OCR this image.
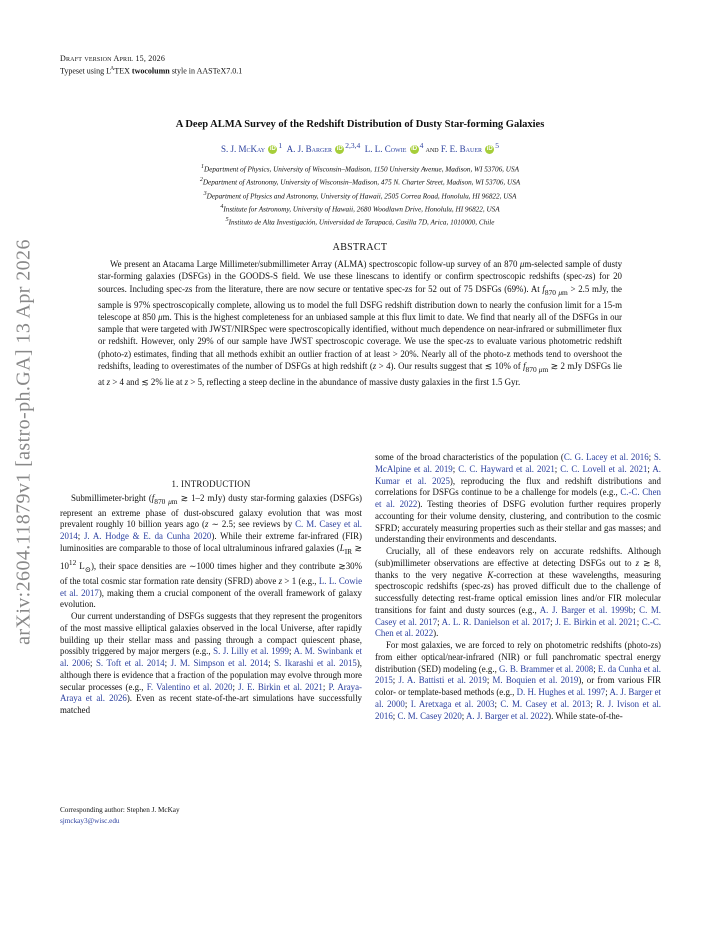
Draft version April 15, 2026
Typeset using $L^ATEX$ twocolumn style in AASTeX7.0.1
arXiv:2604.11879v1 [astro-ph.GA] 13 Apr 2026
A Deep ALMA Survey of the Redshift Distribution of Dusty Star-forming Galaxies
S. J. McKay iD $^1$ A. J. Barger iD $^{2,3,4}$ L. L. Cowie iD $^4$ and F. E. Bauer iD $^5$
$^1$Department of Physics, University of Wisconsin–Madison, 1150 University Avenue, Madison, WI 53706, USA
$^2$Department of Astronomy, University of Wisconsin–Madison, 475 N. Charter Street, Madison, WI 53706, USA
$^3$Department of Physics and Astronomy, University of Hawaii, 2505 Correa Road, Honolulu, HI 96822, USA
$^4$Institute for Astronomy, University of Hawaii, 2680 Woodlawn Drive, Honolulu, HI 96822, USA
$^5$Instituto de Alta Investigación, Universidad de Tarapacá, Casilla 7D, Arica, 1010000, Chile
ABSTRACT

We present an Atacama Large Millimeter/submillimeter Array (ALMA) spectroscopic follow-up survey of an 870 μm-selected sample of dusty star-forming galaxies (DSFGs) in the GOODS-S field. We use these linescans to identify or confirm spectroscopic redshifts (spec-zs) for 20 sources. Including spec-zs from the literature, there are now secure or tentative spec-zs for 52 out of 75 DSFGs (69%). At $f_{870 \mu m} > 2.5$ mJy, the sample is 97% spectroscopically complete, allowing us to model the full DSFG redshift distribution down to nearly the confusion limit for a 15-m telescope at 850 μm. This is the highest completeness for an unbiased sample at this flux limit to date. We find that nearly all of the DSFGs in our sample that were targeted with JWST/NIRSpec were spectroscopically identified, without much dependence on near-infrared or submillimeter flux or redshift. However, only 29% of our sample have JWST spectroscopic coverage. We use the spec-zs to evaluate various photometric redshift (photo-z) estimates, finding that all methods exhibit an outlier fraction of at least > 20%. Nearly all of the photo-z methods tend to overshoot the redshifts, leading to overestimates of the number of DSFGs at high redshift (z > 4). Our results suggest that ≲ 10% of $f_{870 \mu m}$ ≳ 2 mJy DSFGs lie at z > 4 and ≲ 2% lie at z > 5, reflecting a steep decline in the abundance of massive dusty galaxies in the first 1.5 Gyr.

1. INTRODUCTION

Submillimeter-bright ($f_{870 \mu m}$ ≳ 1–2 mJy) dusty star-forming galaxies (DSFGs) represent an extreme phase of dust-obscured galaxy evolution that was most prevalent roughly 10 billion years ago (z ∼ 2.5; see reviews by C. M. Casey et al. 2014; J. A. Hodge & E. da Cunha 2020). While their extreme far-infrared (FIR) luminosities are comparable to those of local ultraluminous infrared galaxies ($L_{IR}$ ≳ $10^{12}$ $L_⊙$), their space densities are ∼1000 times higher and they contribute ≳30% of the total cosmic star formation rate density (SFRD) above z > 1 (e.g., L. L. Cowie et al. 2017), making them a crucial component of the overall framework of galaxy evolution.

Our current understanding of DSFGs suggests that they represent the progenitors of the most massive elliptical galaxies observed in the local Universe, after rapidly building up their stellar mass and passing through a compact quiescent phase, possibly triggered by major mergers (e.g., S. J. Lilly et al. 1999; A. M. Swinbank et al. 2006; S. Toft et al. 2014; J. M. Simpson et al. 2014; S. Ikarashi et al. 2015), although there is evidence that a fraction of the population may evolve through more secular processes (e.g., F. Valentino et al. 2020; J. E. Birkin et al. 2021; P. Araya-Araya et al. 2026). Even as recent state-of-the-art simulations have successfully matched

some of the broad characteristics of the population (C. G. Lacey et al. 2016; S. McAlpine et al. 2019; C. C. Hayward et al. 2021; C. C. Lovell et al. 2021; A. Kumar et al. 2025), reproducing the flux and redshift distributions and correlations for DSFGs continue to be a challenge for models (e.g., C.-C. Chen et al. 2022). Testing theories of DSFG evolution further requires properly accounting for their volume density, clustering, and contribution to the cosmic SFRD; accurately measuring properties such as their stellar and gas masses; and understanding their environments and descendants.

Crucially, all of these endeavors rely on accurate redshifts. Although (sub)millimeter observations are effective at detecting DSFGs out to z ≳ 8, thanks to the very negative K-correction at these wavelengths, measuring spectroscopic redshifts (spec-zs) has proved difficult due to the challenge of successfully detecting rest-frame optical emission lines and/or FIR molecular transitions for faint and dusty sources (e.g., A. J. Barger et al. 1999b; C. M. Casey et al. 2017; A. L. R. Danielson et al. 2017; J. E. Birkin et al. 2021; C.-C. Chen et al. 2022).

For most galaxies, we are forced to rely on photometric redshifts (photo-zs) from either optical/near-infrared (NIR) or full panchromatic spectral energy distribution (SED) modeling (e.g., G. B. Brammer et al. 2008; E. da Cunha et al. 2015; J. A. Battisti et al. 2019; M. Boquien et al. 2019), or from various FIR color- or template-based methods (e.g., D. H. Hughes et al. 1997; A. J. Barger et al. 2000; I. Aretxaga et al. 2003; C. M. Casey et al. 2013; R. J. Ivison et al. 2016; C. M. Casey 2020; A. J. Barger et al. 2022). While state-of-the-

Corresponding author: Stephen J. McKay
sjmckay3@wisc.edu
